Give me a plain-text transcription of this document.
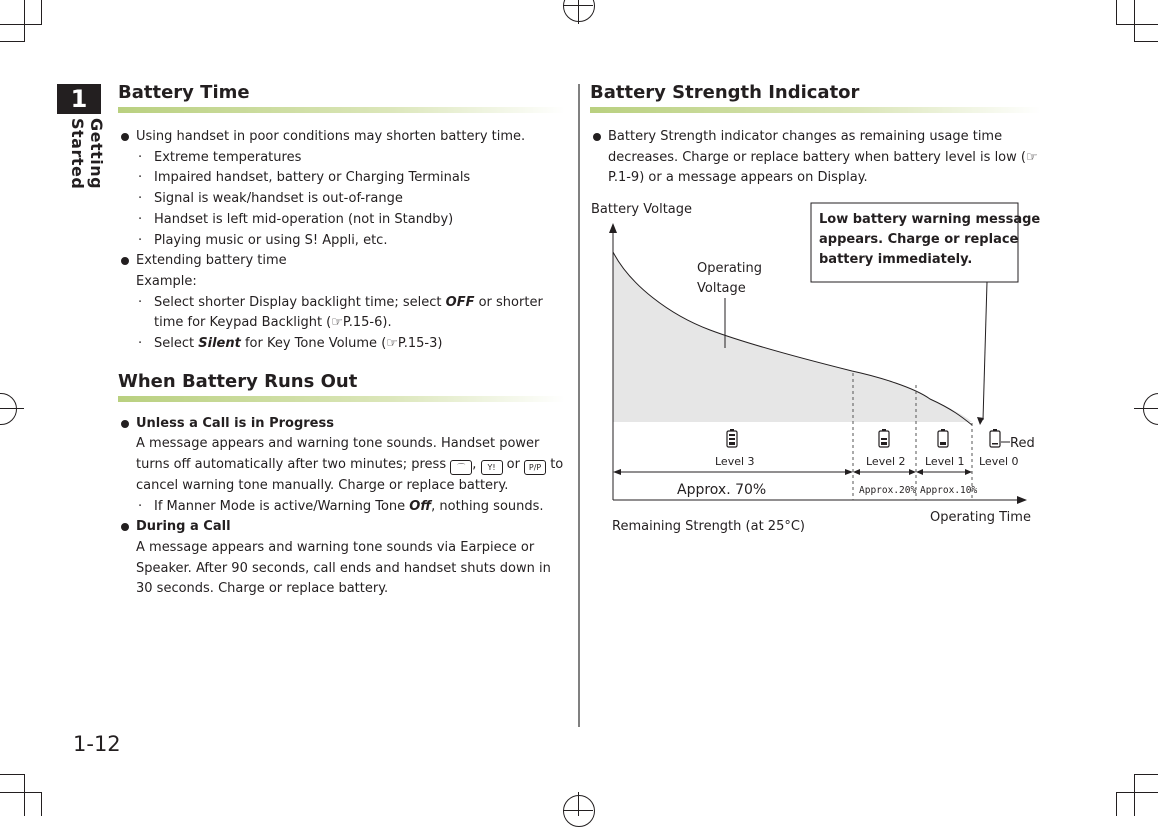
1
Getting Started
Battery Time
Using handset in poor conditions may shorten battery time.
· Extreme temperatures
· Impaired handset, battery or Charging Terminals
· Signal is weak/handset is out-of-range
· Handset is left mid-operation (not in Standby)
· Playing music or using S! Appli, etc.
Extending battery time
Example:
· Select shorter Display backlight time; select OFF or shorter time for Keypad Backlight (☞P.15-6).
· Select Silent for Key Tone Volume (☞P.15-3)
When Battery Runs Out
Unless a Call is in Progress
A message appears and warning tone sounds. Handset power turns off automatically after two minutes; press ⌒ , Y! or P/P to cancel warning tone manually. Charge or replace battery.
· If Manner Mode is active/Warning Tone Off, nothing sounds.
During a Call
A message appears and warning tone sounds via Earpiece or Speaker. After 90 seconds, call ends and handset shuts down in 30 seconds. Charge or replace battery.
Battery Strength Indicator
Battery Strength indicator changes as remaining usage time decreases. Charge or replace battery when battery level is low (☞P.1-9) or a message appears on Display.
Battery Voltage
Operating Time
Remaining Strength (at 25°C)
Operating
Voltage
Low battery warning message
appears. Charge or replace
battery immediately.
Red
Level 3	Level 2 Level 1 Level 0
Approx. 70%	Approx.20% Approx.10%
1-12
